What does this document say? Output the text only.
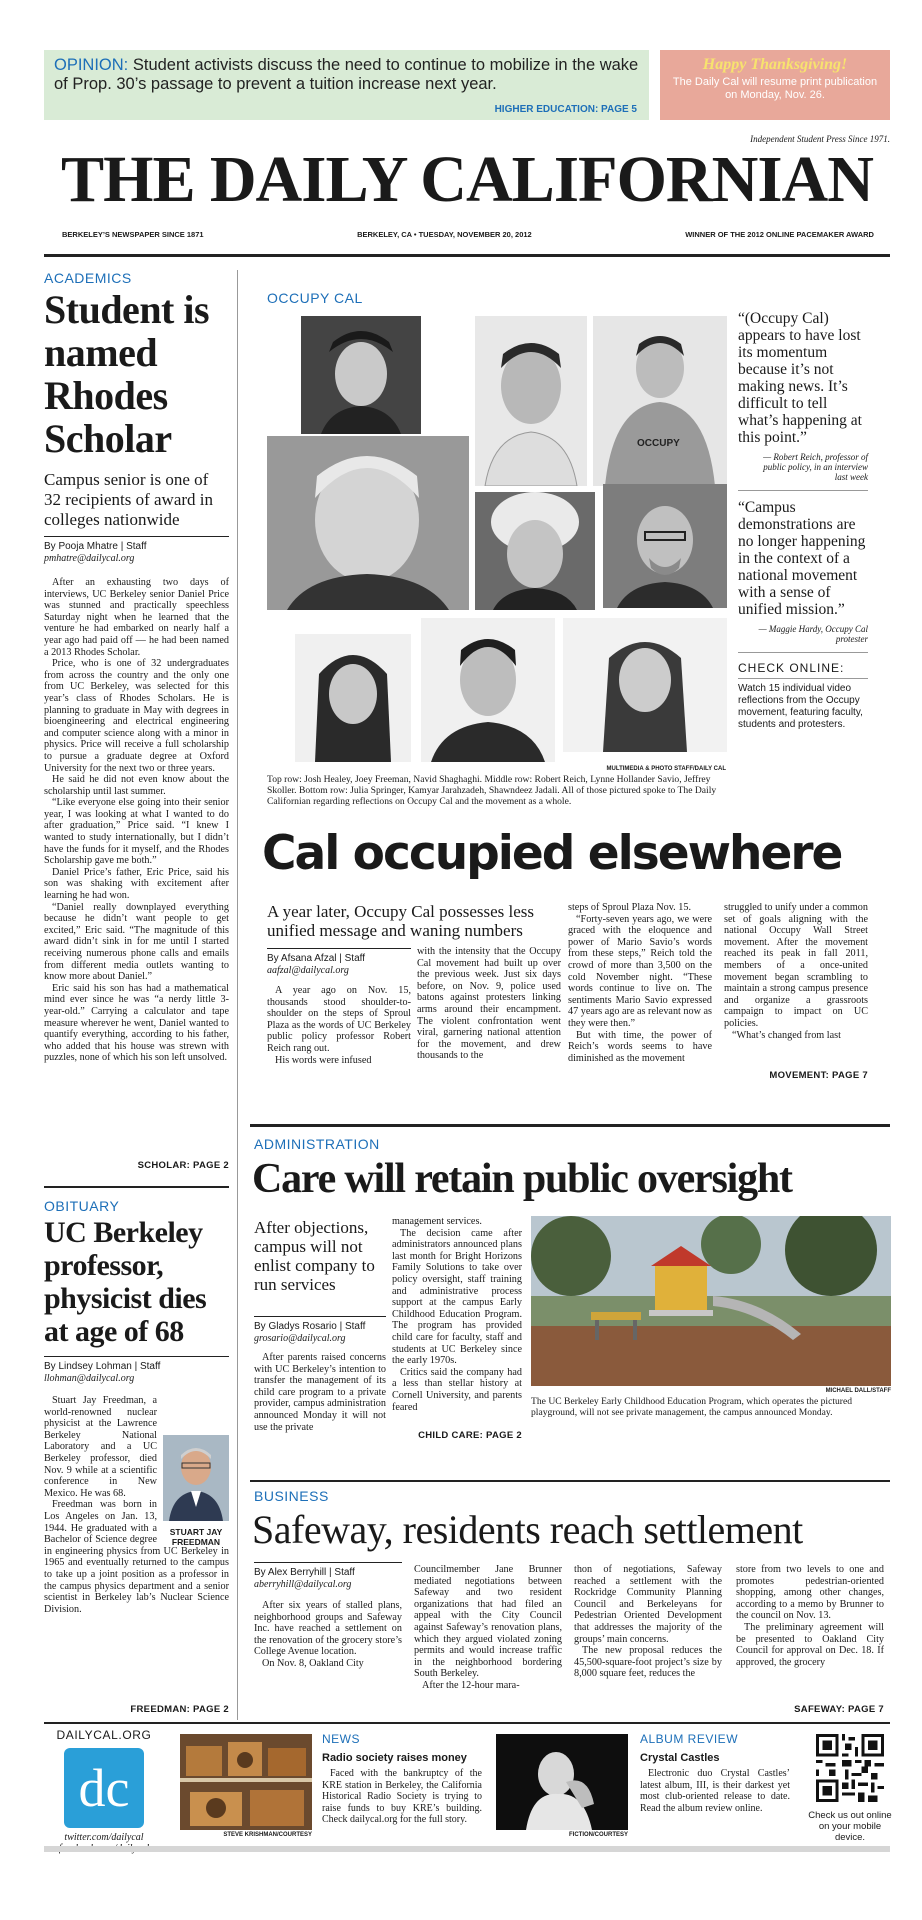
OPINION: Student activists discuss the need to continue to mobilize in the wake of Prop. 30’s passage to prevent a tuition increase next year.
HIGHER EDUCATION: PAGE 5
Happy Thanksgiving!
The Daily Cal will resume print publication on Monday, Nov. 26.
Independent Student Press Since 1971.
THE DAILY CALIFORNIAN
BERKELEY’S NEWSPAPER SINCE 1871	BERKELEY, CA • TUESDAY, NOVEMBER 20, 2012	WINNER OF THE 2012 ONLINE PACEMAKER AWARD
ACADEMICS
Student is named Rhodes Scholar
Campus senior is one of 32 recipients of award in colleges nationwide
By Pooja Mhatre | Staff
pmhatre@dailycal.org

After an exhausting two days of interviews, UC Berkeley senior Daniel Price was stunned and practically speechless Saturday night when he learned that the venture he had embarked on nearly half a year ago had paid off — he had been named a 2013 Rhodes Scholar.

Price, who is one of 32 undergraduates from across the country and the only one from UC Berkeley, was selected for this year’s class of Rhodes Scholars. He is planning to graduate in May with degrees in bioengineering and electrical engineering and computer science along with a minor in physics. Price will receive a full scholarship to pursue a graduate degree at Oxford University for the next two or three years.

He said he did not even know about the scholarship until last summer.

“Like everyone else going into their senior year, I was looking at what I wanted to do after graduation,” Price said. “I knew I wanted to study internationally, but I didn’t have the funds for it myself, and the Rhodes Scholarship gave me both.”

Daniel Price’s father, Eric Price, said his son was shaking with excitement after learning he had won.

“Daniel really downplayed everything because he didn’t want people to get excited,” Eric said. “The magnitude of this award didn’t sink in for me until I started receiving numerous phone calls and emails from different media outlets wanting to know more about Daniel.”

Eric said his son has had a mathematical mind ever since he was “a nerdy little 3-year-old.” Carrying a calculator and tape measure wherever he went, Daniel wanted to quantify everything, according to his father, who added that his house was strewn with puzzles, none of which his son left unsolved.

SCHOLAR: PAGE 2
OBITUARY
UC Berkeley professor, physicist dies at age of 68
By Lindsey Lohman | Staff
llohman@dailycal.org
STUART JAY FREEDMAN

Stuart Jay Freedman, a world-renowned nuclear physicist at the Lawrence Berkeley National Laboratory and a UC Berkeley professor, died Nov. 9 while at a scientific conference in New Mexico. He was 68.

Freedman was born in Los Angeles on Jan. 13, 1944. He graduated with a Bachelor of Science degree in engineering physics from UC Berkeley in 1965 and eventually returned to the campus to take up a joint position as a professor in the campus physics department and a senior scientist in Berkeley lab’s Nuclear Science Division.

FREEDMAN: PAGE 2
OCCUPY CAL
OCCUPY
MULTIMEDIA & PHOTO STAFF/DAILY CAL
Top row: Josh Healey, Joey Freeman, Navid Shaghaghi. Middle row: Robert Reich, Lynne Hollander Savio, Jeffrey Skoller. Bottom row: Julia Springer, Kamyar Jarahzadeh, Shawndeez Jadali. All of those pictured spoke to The Daily Californian regarding reflections on Occupy Cal and the movement as a whole.
“(Occupy Cal) appears to have lost its momentum because it’s not making news. It’s difficult to tell what’s happening at this point.”
— Robert Reich, professor of public policy, in an interview last week
“Campus demonstrations are no longer happening in the context of a national movement with a sense of unified mission.”
— Maggie Hardy, Occupy Cal protester
CHECK ONLINE:
Watch 15 individual video reflections from the Occupy movement, featuring faculty, students and protesters.
Cal occupied elsewhere
A year later, Occupy Cal possesses less unified message and waning numbers
By Afsana Afzal | Staff
aafzal@dailycal.org

A year ago on Nov. 15, thousands stood shoulder-to-shoulder on the steps of Sproul Plaza as the words of UC Berkeley public policy professor Robert Reich rang out.

His words were infused

with the intensity that the Occupy Cal movement had built up over the previous week. Just six days before, on Nov. 9, police used batons against protesters linking arms around their encampment. The violent confrontation went viral, garnering national attention for the movement, and drew thousands to the

steps of Sproul Plaza Nov. 15.

“Forty-seven years ago, we were graced with the eloquence and power of Mario Savio’s words from these steps,” Reich told the crowd of more than 3,500 on the cold November night. “These words continue to live on. The sentiments Mario Savio expressed 47 years ago are as relevant now as they were then.”

But with time, the power of Reich’s words seems to have diminished as the movement

struggled to unify under a common set of goals aligning with the national Occupy Wall Street movement. After the movement reached its peak in fall 2011, members of a once-united movement began scrambling to maintain a strong campus presence and organize a grassroots campaign to impact on UC policies.

“What’s changed from last

MOVEMENT: PAGE 7
ADMINISTRATION
Care will retain public oversight
After objections, campus will not enlist company to run services
By Gladys Rosario | Staff
grosario@dailycal.org

After parents raised concerns with UC Berkeley’s intention to transfer the management of its child care program to a private provider, campus administration announced Monday it will not use the private

management services.

The decision came after administrators announced plans last month for Bright Horizons Family Solutions to take over policy oversight, staff training and administrative process support at the campus Early Childhood Education Program. The program has provided child care for faculty, staff and students at UC Berkeley since the early 1970s.

Critics said the company had a less than stellar history at Cornell University, and parents feared

CHILD CARE: PAGE 2
MICHAEL DALL/STAFF
The UC Berkeley Early Childhood Education Program, which operates the pictured playground, will not see private management, the campus announced Monday.
BUSINESS
Safeway, residents reach settlement
By Alex Berryhill | Staff
aberryhill@dailycal.org

After six years of stalled plans, neighborhood groups and Safeway Inc. have reached a settlement on the renovation of the grocery store’s College Avenue location.

On Nov. 8, Oakland City

Councilmember Jane Brunner mediated negotiations between Safeway and two resident organizations that had filed an appeal with the City Council against Safeway’s renovation plans, which they argued violated zoning permits and would increase traffic in the neighborhood bordering South Berkeley.

After the 12-hour mara-

thon of negotiations, Safeway reached a settlement with the Rockridge Community Planning Council and Berkeleyans for Pedestrian Oriented Development that addresses the majority of the groups’ main concerns.

The new proposal reduces the 45,500-square-foot project’s size by 8,000 square feet, reduces the

store from two levels to one and promotes pedestrian-oriented shopping, among other changes, according to a memo by Brunner to the council on Nov. 13.

The preliminary agreement will be presented to Oakland City Council for approval on Dec. 18. If approved, the grocery

SAFEWAY: PAGE 7
DAILYCAL.ORG
dc
twitter.com/dailycal	STEVE KRISHMAN/COURTESY
NEWS
Radio society raises money
Faced with the bankruptcy of the KRE station in Berkeley, the California Historical Radio Society is trying to raise funds to buy KRE’s building. Check dailycal.org for the full story.
FICTION/COURTESY
ALBUM REVIEW
Crystal Castles
Electronic duo Crystal Castles’ latest album, III, is their darkest yet most club-oriented release to date. Read the album review online.
Check us out online on your mobile device.
